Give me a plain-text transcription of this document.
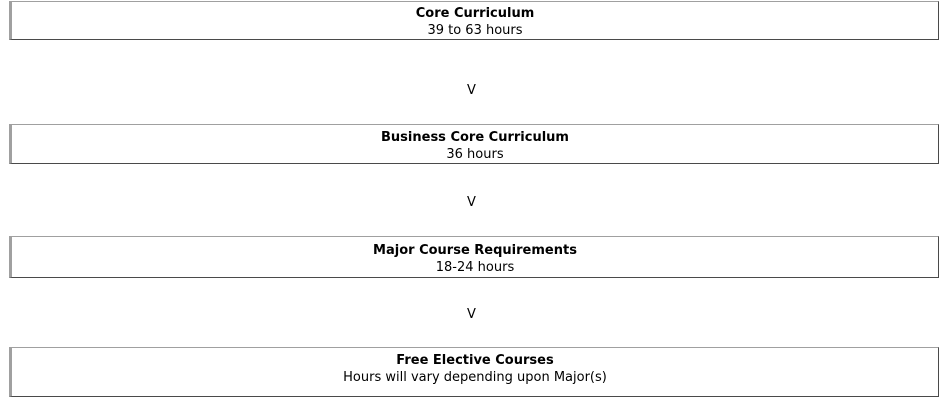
Core Curriculum
39 to 63 hours
V
Business Core Curriculum
36 hours
V
Major Course Requirements
18-24 hours
V
Free Elective Courses
Hours will vary depending upon Major(s)
